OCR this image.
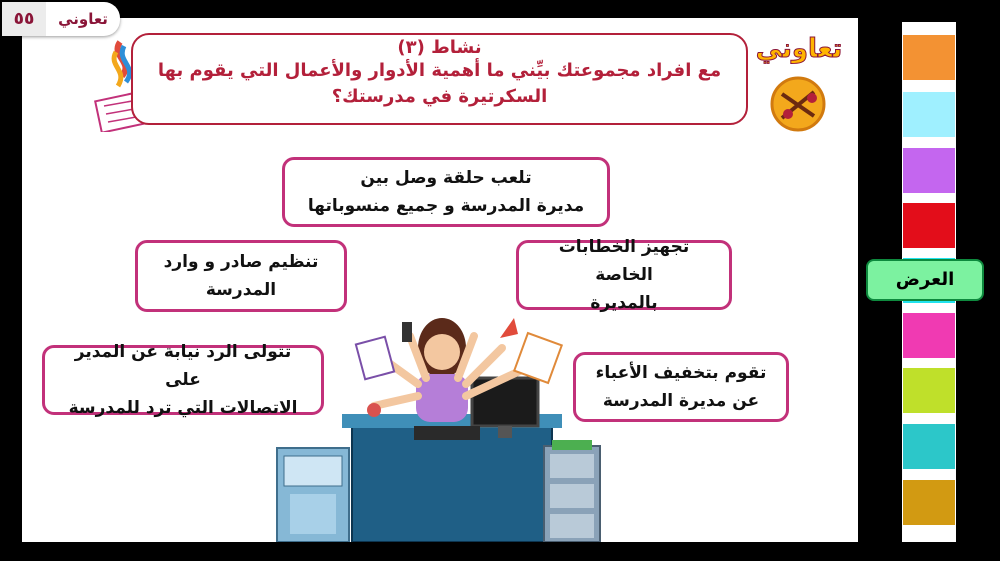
نشاط (٣)
مع افراد مجموعتك بيِّني ما أهمية الأدوار والأعمال التي يقوم بها
السكرتيرة في مدرستك؟
تلعب حلقة وصل بين
مديرة المدرسة و جميع منسوباتها
تنظيم صادر و وارد
المدرسة
تجهيز الخطابات الخاصة
بالمديرة
تتولى الرد نيابة عن المدير على
الاتصالات التي ترد للمدرسة
تقوم بتخفيف الأعباء
عن مديرة المدرسة
٥٥	تعاوني
تعاوني
العرض
